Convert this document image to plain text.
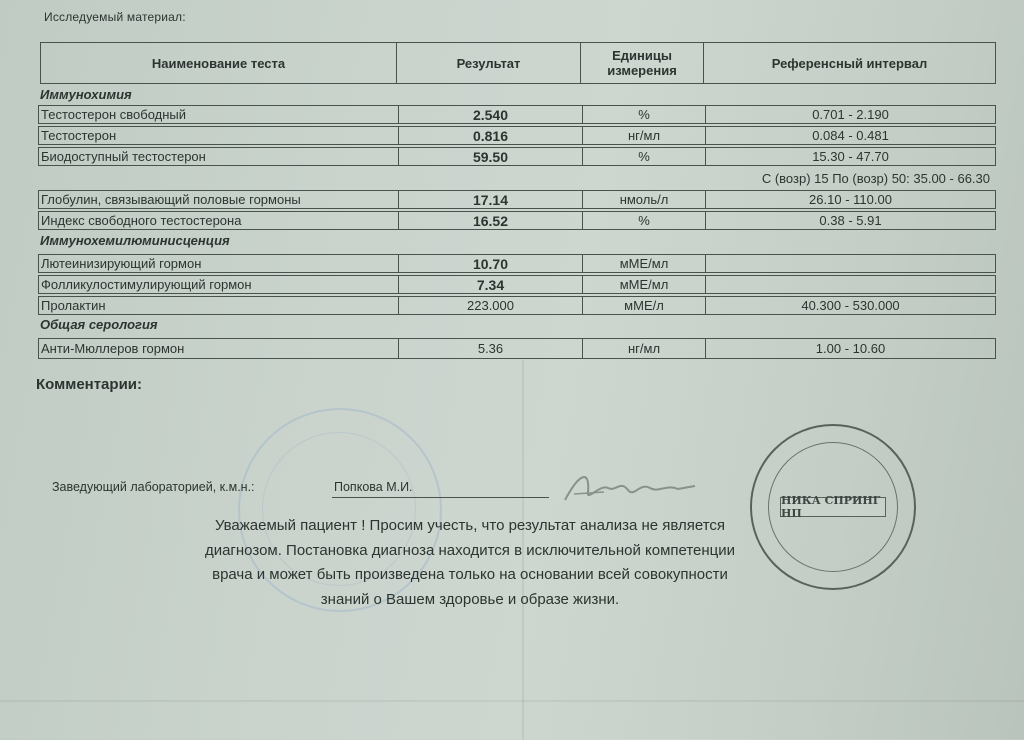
Исследуемый материал:
Наименование теста	Результат	Единицы измерения	Референсный интервал
Иммунохимия
Тестостерон свободный	2.540	%	0.701 - 2.190
Тестостерон	0.816	нг/мл	0.084 - 0.481
Биодоступный тестостерон	59.50	%	15.30 - 47.70
С (возр) 15 По (возр) 50: 35.00 - 66.30
Глобулин, связывающий половые гормоны	17.14	нмоль/л	26.10 - 110.00
Индекс свободного тестостерона	16.52	%	0.38 - 5.91
Иммунохемилюминисценция
Лютеинизирующий гормон	10.70	мМЕ/мл
Фолликулостимулирующий гормон	7.34	мМЕ/мл
Пролактин	223.000	мМЕ/л	40.300 - 530.000
Общая серология
Анти-Мюллеров гормон	5.36	нг/мл	1.00 - 10.60
Комментарии:
Заведующий лабораторией, к.м.н.:	Попкова М.И.
НИКА СПРИНГ НП
Уважаемый пациент ! Просим учесть, что результат анализа не является
диагнозом. Постановка диагноза находится в исключительной компетенции
врача и может быть произведена только на основании всей совокупности
знаний о Вашем здоровье и образе жизни.
